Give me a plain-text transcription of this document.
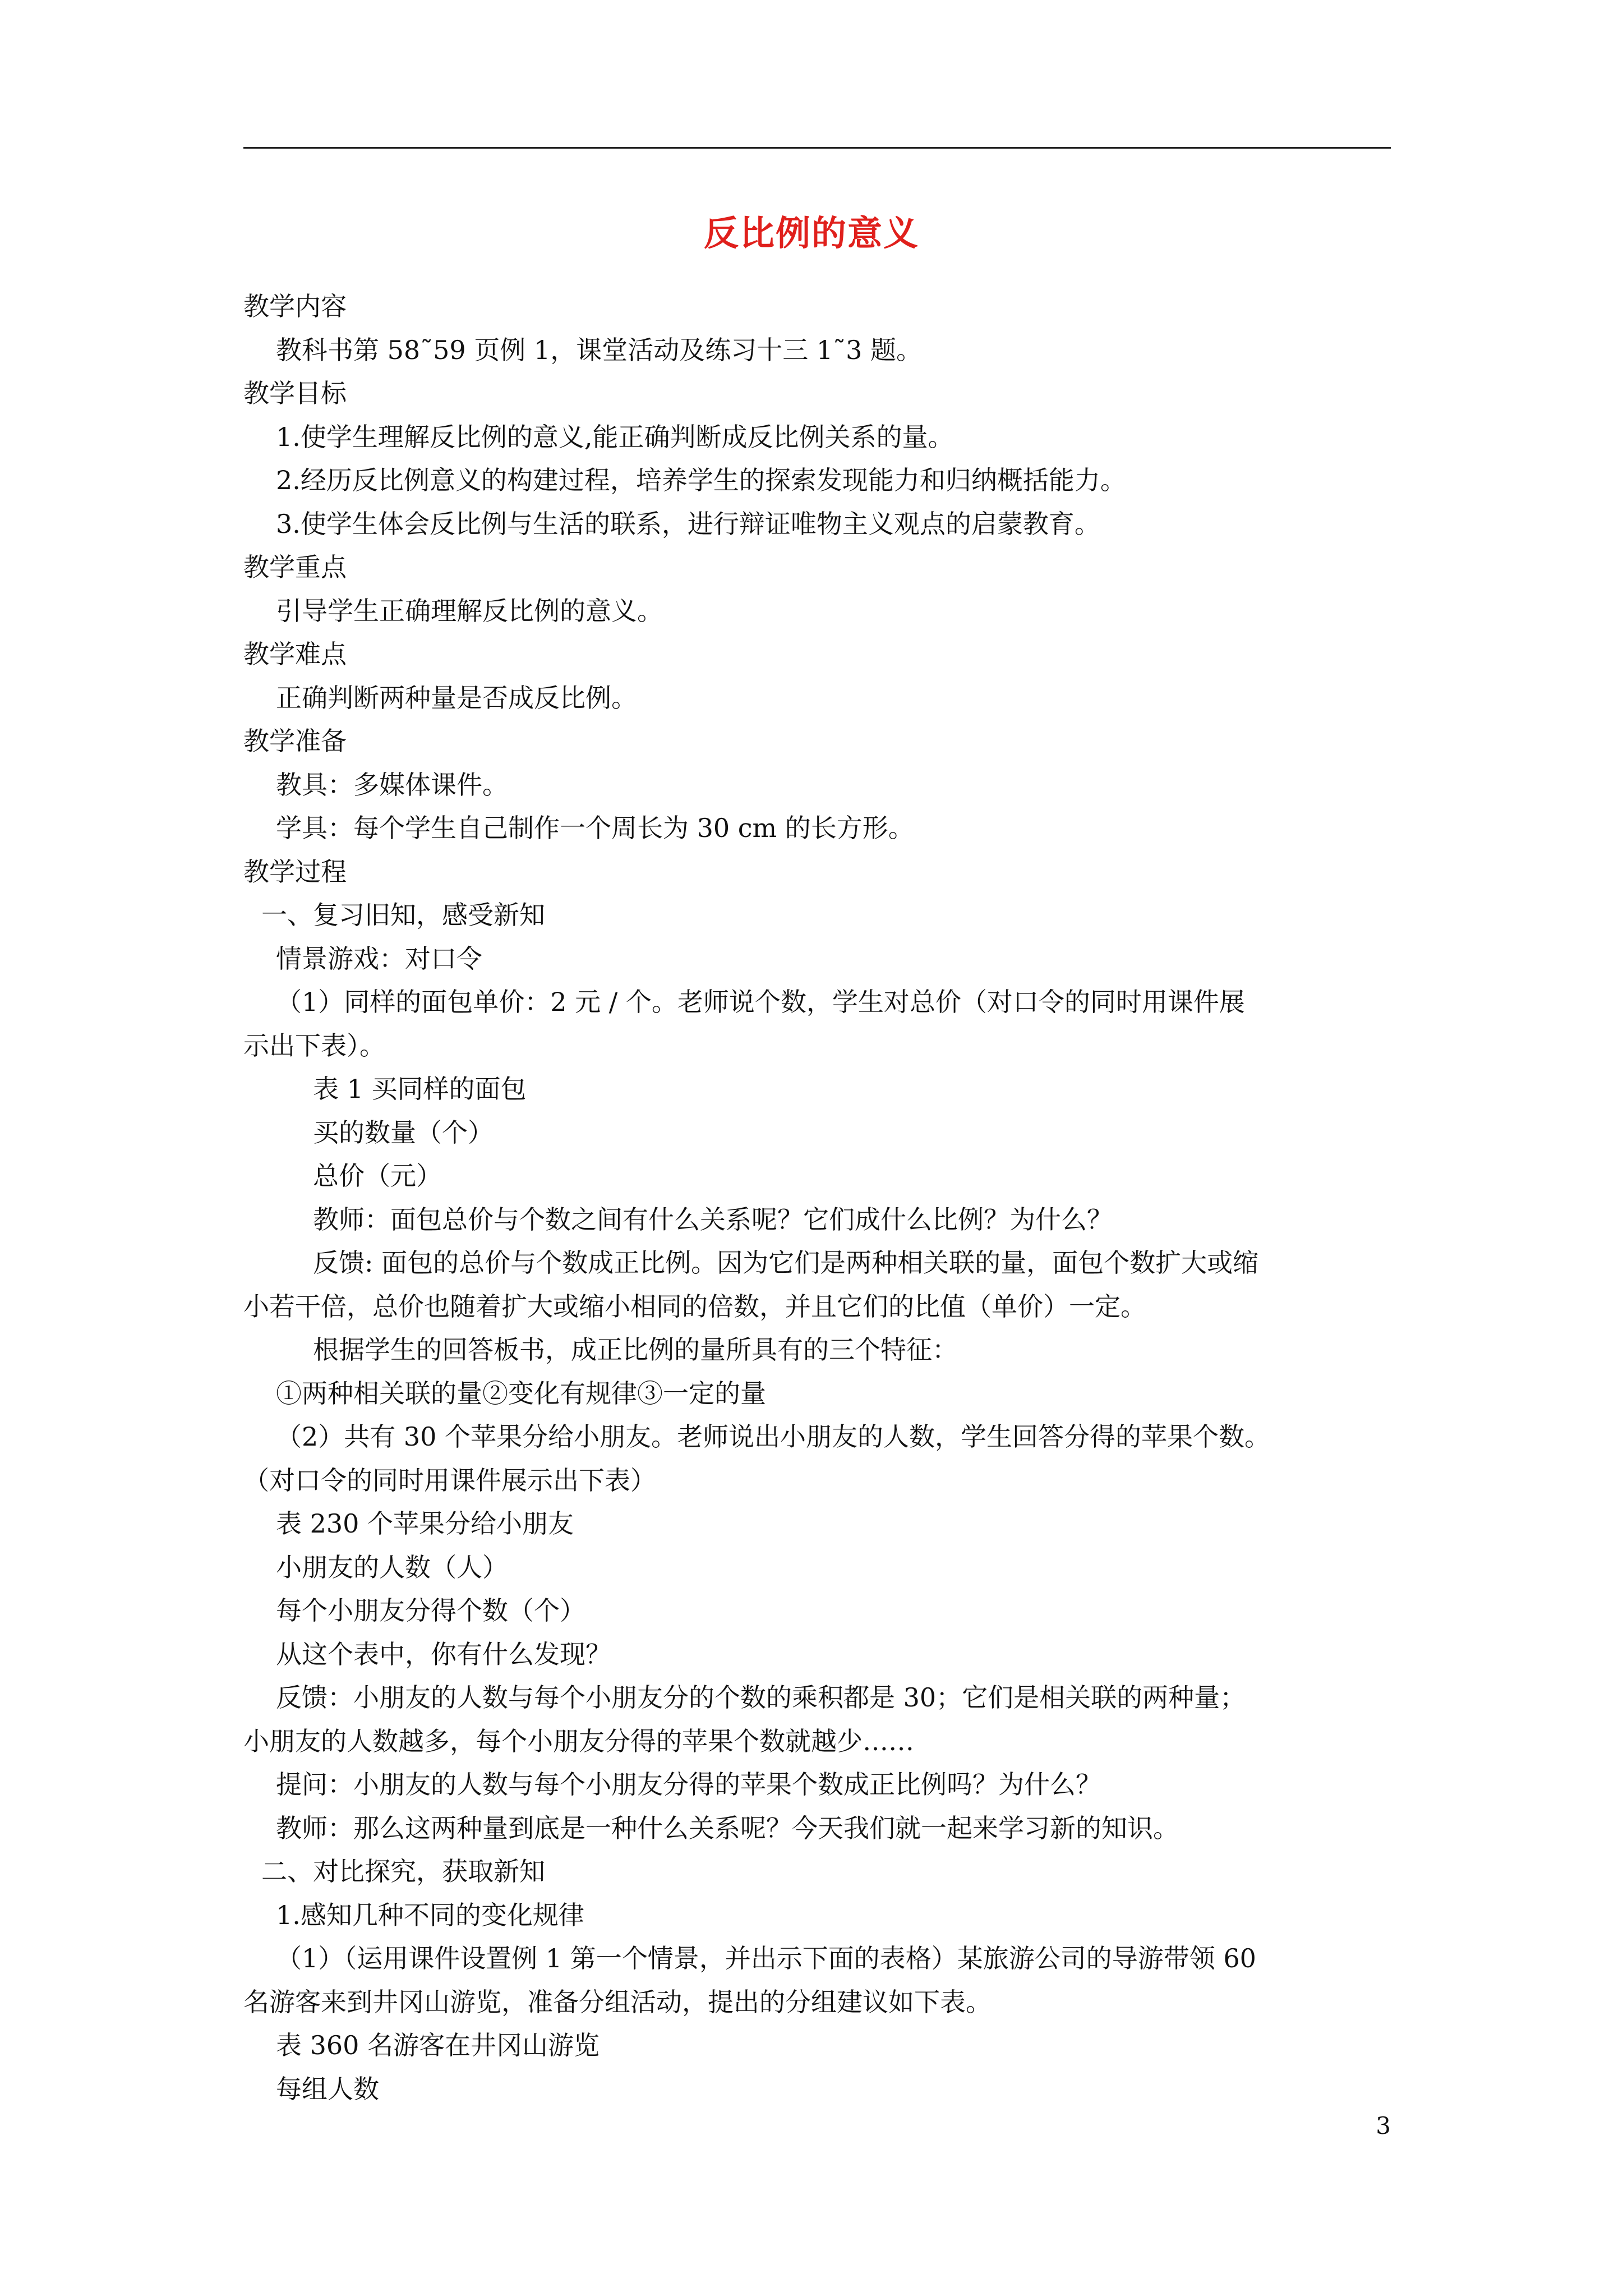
反比例的意义
教学内容
教科书第 58˜59 页例 1，课堂活动及练习十三 1˜3 题。
教学目标
1.使学生理解反比例的意义,能正确判断成反比例关系的量。
2.经历反比例意义的构建过程，培养学生的探索发现能力和归纳概括能力。
3.使学生体会反比例与生活的联系，进行辩证唯物主义观点的启蒙教育。
教学重点
引导学生正确理解反比例的意义。
教学难点
正确判断两种量是否成反比例。
教学准备
教具：多媒体课件。
学具：每个学生自己制作一个周长为 30 cm 的长方形。
教学过程
一、复习旧知，感受新知
情景游戏：对口令
（1）同样的面包单价：2 元 / 个。老师说个数，学生对总价（对口令的同时用课件展
示出下表）。
表 1 买同样的面包
买的数量（个）
总价（元）
教师：面包总价与个数之间有什么关系呢？它们成什么比例？为什么？
反馈: 面包的总价与个数成正比例。因为它们是两种相关联的量，面包个数扩大或缩
小若干倍，总价也随着扩大或缩小相同的倍数，并且它们的比值（单价）一定。
根据学生的回答板书，成正比例的量所具有的三个特征：
①两种相关联的量②变化有规律③一定的量
（2）共有 30 个苹果分给小朋友。老师说出小朋友的人数，学生回答分得的苹果个数。
（对口令的同时用课件展示出下表）
表 230 个苹果分给小朋友
小朋友的人数（人）
每个小朋友分得个数（个）
从这个表中，你有什么发现？
反馈：小朋友的人数与每个小朋友分的个数的乘积都是 30；它们是相关联的两种量；
小朋友的人数越多，每个小朋友分得的苹果个数就越少……
提问：小朋友的人数与每个小朋友分得的苹果个数成正比例吗？为什么？
教师：那么这两种量到底是一种什么关系呢？今天我们就一起来学习新的知识。
二、对比探究，获取新知
1.感知几种不同的变化规律
（1）（运用课件设置例 1 第一个情景，并出示下面的表格）某旅游公司的导游带领 60
名游客来到井冈山游览，准备分组活动，提出的分组建议如下表。
表 360 名游客在井冈山游览
每组人数
3
